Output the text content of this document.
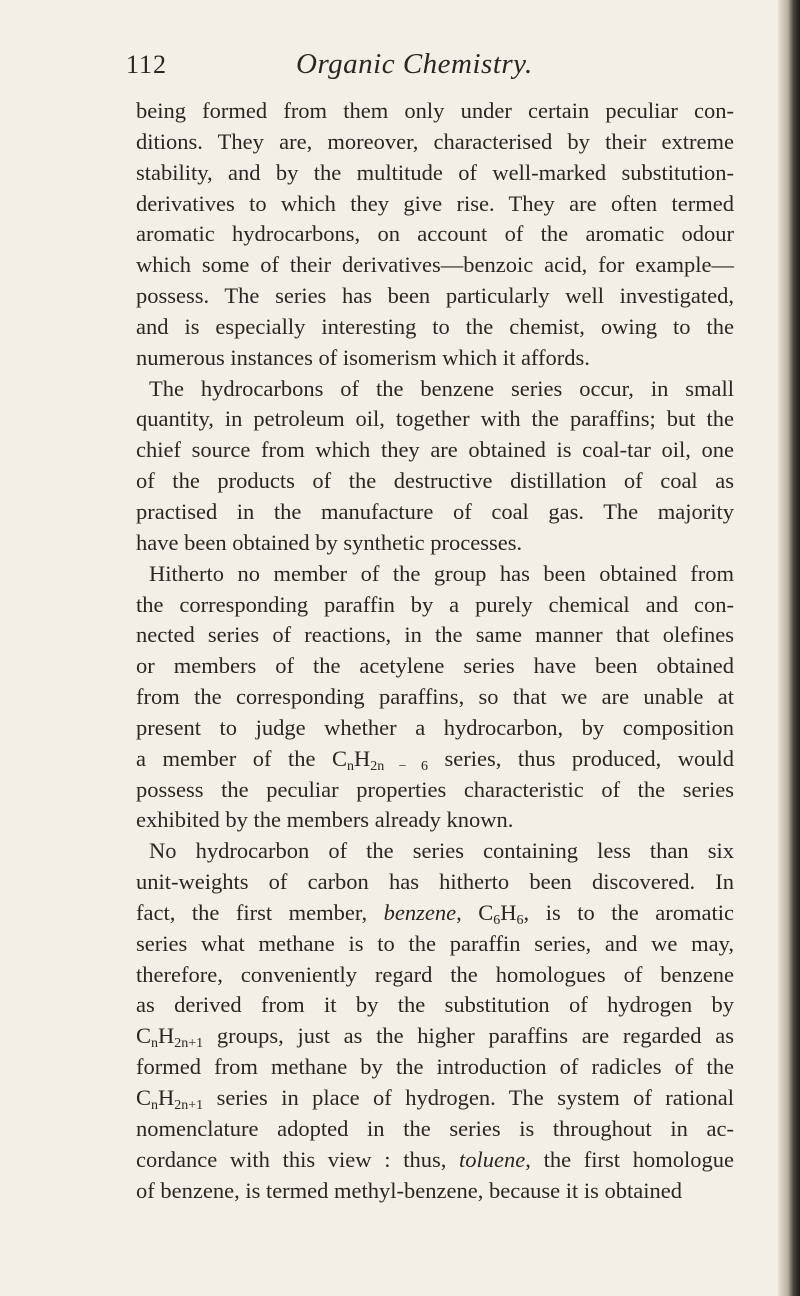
112	Organic Chemistry.
being formed from them only under certain peculiar con-
ditions. They are, moreover, characterised by their extreme
stability, and by the multitude of well-marked substitution-
derivatives to which they give rise. They are often termed
aromatic hydrocarbons, on account of the aromatic odour
which some of their derivatives—benzoic acid, for example—
possess. The series has been particularly well investigated,
and is especially interesting to the chemist, owing to the
numerous instances of isomerism which it affords.
The hydrocarbons of the benzene series occur, in small
quantity, in petroleum oil, together with the paraffins; but the
chief source from which they are obtained is coal-tar oil, one
of the products of the destructive distillation of coal as
practised in the manufacture of coal gas. The majority
have been obtained by synthetic processes.
Hitherto no member of the group has been obtained from
the corresponding paraffin by a purely chemical and con-
nected series of reactions, in the same manner that olefines
or members of the acetylene series have been obtained
from the corresponding paraffins, so that we are unable at
present to judge whether a hydrocarbon, by composition
a member of the $C_nH_{2n - 6}$ series, thus produced, would
possess the peculiar properties characteristic of the series
exhibited by the members already known.
No hydrocarbon of the series containing less than six
unit-weights of carbon has hitherto been discovered. In
fact, the first member, benzene, $C_6H_6$, is to the aromatic
series what methane is to the paraffin series, and we may,
therefore, conveniently regard the homologues of benzene
as derived from it by the substitution of hydrogen by
$C_nH_{2n+1}$ groups, just as the higher paraffins are regarded as
formed from methane by the introduction of radicles of the
$C_nH_{2n+1}$ series in place of hydrogen. The system of rational
nomenclature adopted in the series is throughout in ac-
cordance with this view : thus, toluene, the first homologue
of benzene, is termed methyl-benzene, because it is obtained
